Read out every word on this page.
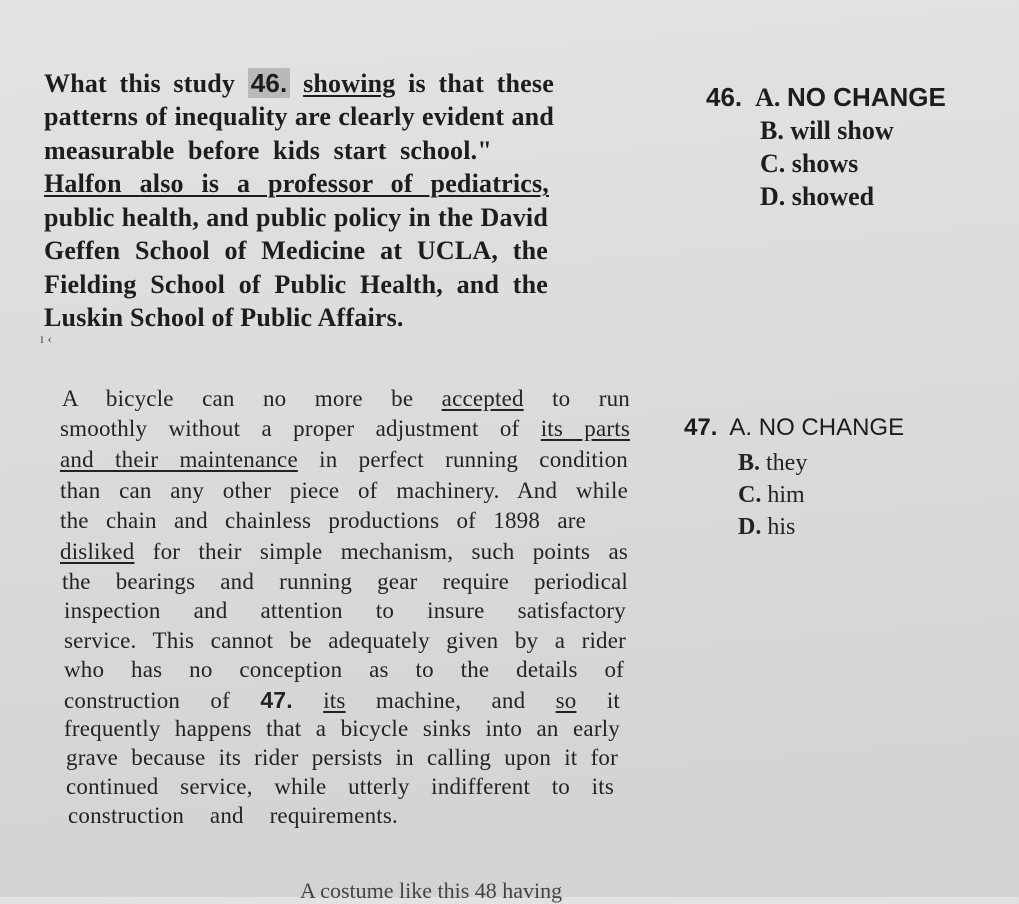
What this study 46. showing is that these
patterns of inequality are clearly evident and
measurable before kids start school."
Halfon also is a professor of pediatrics,
public health, and public policy in the David
Geffen School of Medicine at UCLA, the
Fielding School of Public Health, and the
Luskin School of Public Affairs.
ı ‹
46. A. NO CHANGE
B. will show
C. shows
D. showed
A bicycle can no more be accepted to run
smoothly without a proper adjustment of its parts
and their maintenance in perfect running condition
than can any other piece of machinery. And while
the chain and chainless productions of 1898 are
disliked for their simple mechanism, such points as
the bearings and running gear require periodical
inspection and attention to insure satisfactory
service. This cannot be adequately given by a rider
who has no conception as to the details of
construction of 47. its machine, and so it
frequently happens that a bicycle sinks into an early
grave because its rider persists in calling upon it for
continued service, while utterly indifferent to its
construction and requirements.
47. A. NO CHANGE
B. they
C. him
D. his
A costume like this 48 having
